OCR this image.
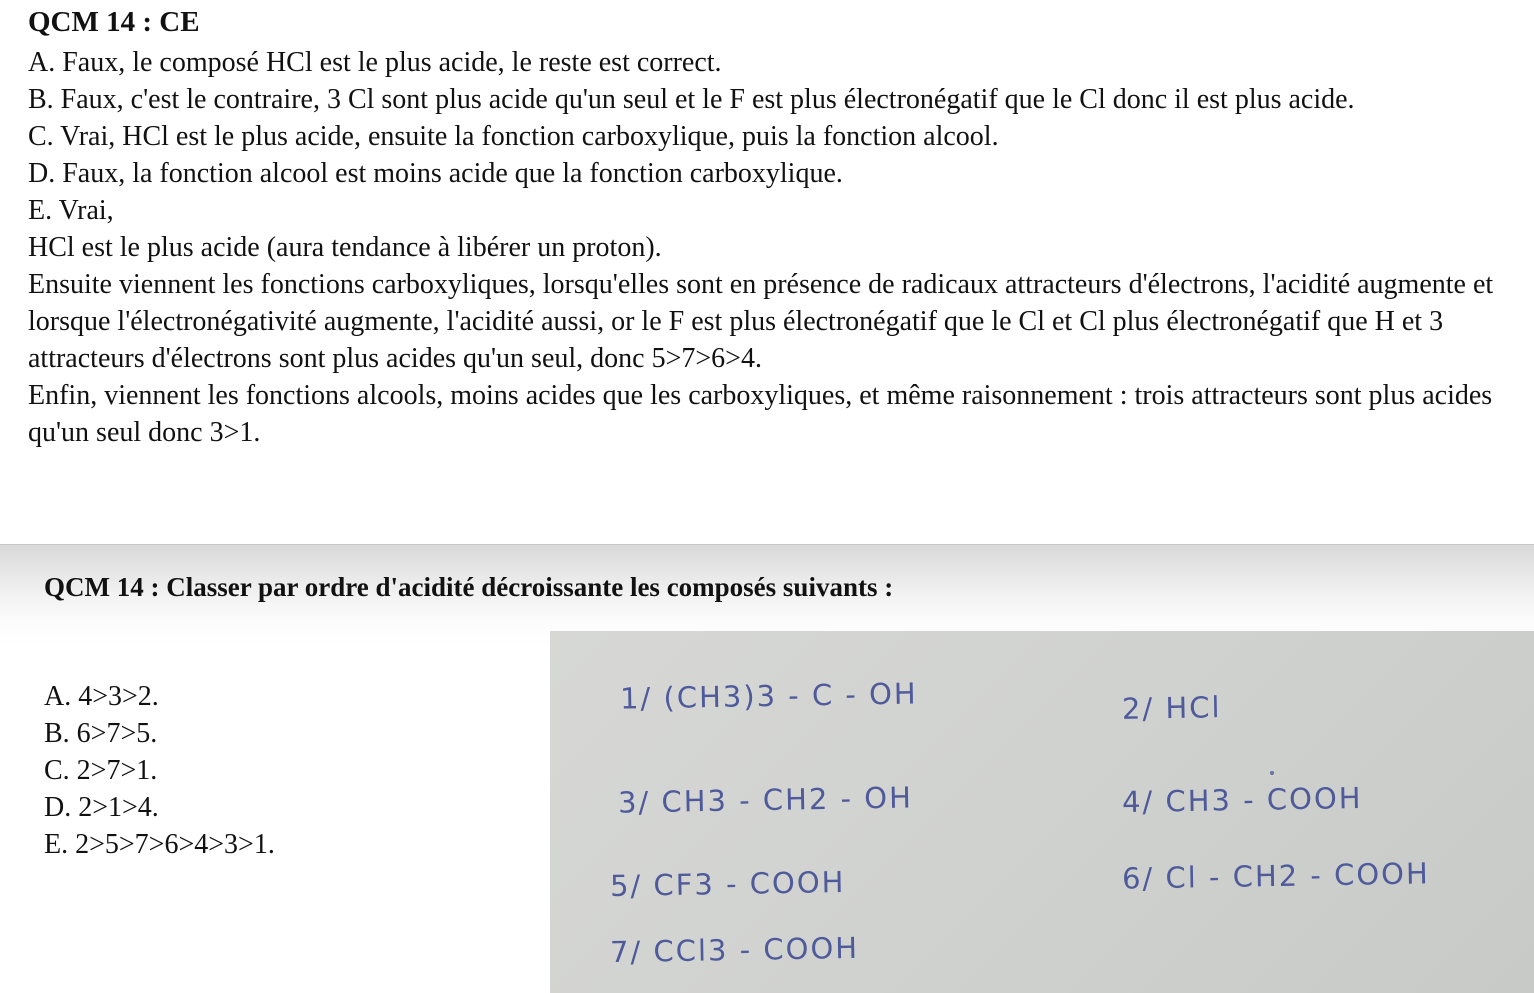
QCM 14 : CE

A. Faux, le composé HCl est le plus acide, le reste est correct.

B. Faux, c'est le contraire, 3 Cl sont plus acide qu'un seul et le F est plus électronégatif que le Cl donc il est plus acide.

C. Vrai, HCl est le plus acide, ensuite la fonction carboxylique, puis la fonction alcool.

D. Faux, la fonction alcool est moins acide que la fonction carboxylique.

E. Vrai,

HCl est le plus acide (aura tendance à libérer un proton).

Ensuite viennent les fonctions carboxyliques, lorsqu'elles sont en présence de radicaux attracteurs d'électrons, l'acidité augmente et lorsque l'électronégativité augmente, l'acidité aussi, or le F est plus électronégatif que le Cl et Cl plus électronégatif que H et 3 attracteurs d'électrons sont plus acides qu'un seul, donc 5>7>6>4.

Enfin, viennent les fonctions alcools, moins acides que les carboxyliques, et même raisonnement : trois attracteurs sont plus acides qu'un seul donc 3>1.

QCM 14 : Classer par ordre d'acidité décroissante les composés suivants :

A. 4>3>2.

B. 6>7>5.

C. 2>7>1.

D. 2>1>4.

E. 2>5>7>6>4>3>1.

1/ (CH3)3 - C - OH	2/ HCl
3/ CH3 - CH2 - OH	4/ CH3 - COOH
5/ CF3 - COOH	6/ Cl - CH2 - COOH
7/ CCl3 - COOH
